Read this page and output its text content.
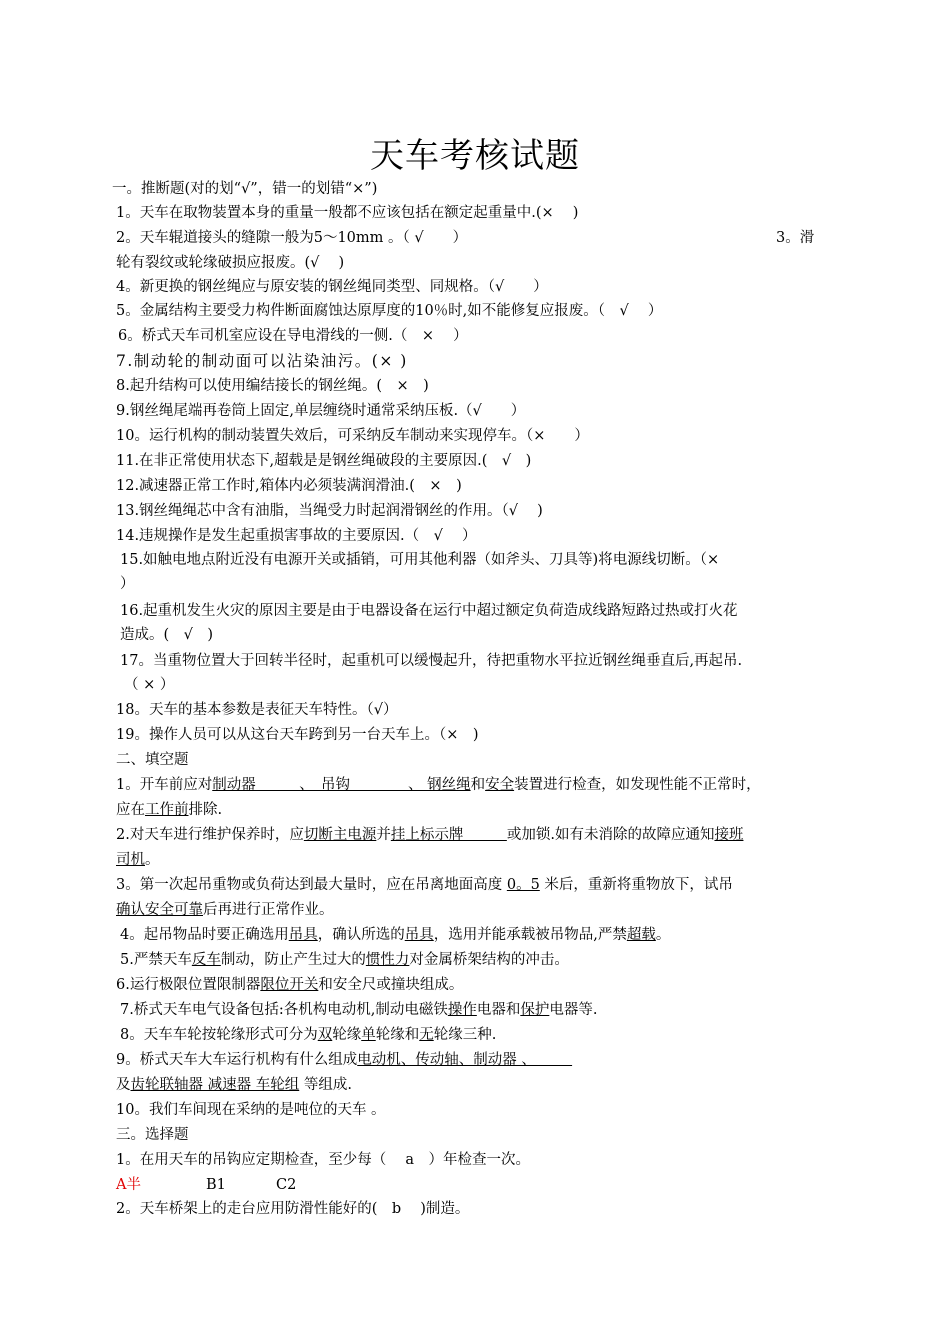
天车考核试题
一。推断题(对的划“√”，错一的划错“×”)
1。天车在取物装置本身的重量一般都不应该包括在额定起重量中.(×　 )
2。天车辊道接头的缝隙一般为5～10mm 。（ √　　）	3。滑
轮有裂纹或轮缘破损应报废。(√　 )
4。新更换的钢丝绳应与原安装的钢丝绳同类型、同规格。（√　　）
5。金属结构主要受力构件断面腐蚀达原厚度的10％时,如不能修复应报废。（　√　 ）
6。桥式天车司机室应设在导电滑线的一侧.（　×　 ）
7.制动轮的制动面可以沾染油污。(× )
8.起升结构可以使用编结接长的钢丝绳。(　×　)
9.钢丝绳尾端再卷筒上固定,单层缠绕时通常采纳压板.（√　　）
10。运行机构的制动装置失效后，可采纳反车制动来实现停车。（×　　）
11.在非正常使用状态下,超载是是钢丝绳破段的主要原因.(　√　)
12.减速器正常工作时,箱体内必须装满润滑油.(　×　)
13.钢丝绳绳芯中含有油脂，当绳受力时起润滑钢丝的作用。（√　 )
14.违规操作是发生起重损害事故的主要原因.（　√　 ）
15.如触电地点附近没有电源开关或插销，可用其他利器（如斧头、刀具等)将电源线切断。（×
）
16.起重机发生火灾的原因主要是由于电器设备在运行中超过额定负荷造成线路短路过热或打火花
造成。(　√　)
17。当重物位置大于回转半径时，起重机可以缓慢起升，待把重物水平拉近钢丝绳垂直后,再起吊.
（ × ）
18。天车的基本参数是表征天车特性。（√）
19。操作人员可以从这台天车跨到另一台天车上。（×　)
二、填空题
1。开车前应对制动器　　　、　吊钩　　　　、 钢丝绳和安全装置进行检查，如发现性能不正常时，
应在工作前排除.
2.对天车进行维护保养时，应切断主电源并挂上标示牌　　　或加锁.如有未消除的故障应通知接班
司机。
3。第一次起吊重物或负荷达到最大量时，应在吊离地面高度 0。5 米后，重新将重物放下，试吊
确认安全可靠后再进行正常作业。
4。起吊物品时要正确选用吊具，确认所选的吊具，选用并能承载被吊物品,严禁超载。
5.严禁天车反车制动，防止产生过大的惯性力对金属桥架结构的冲击。
6.运行极限位置限制器限位开关和安全尺或撞块组成。
7.桥式天车电气设备包括:各机构电动机,制动电磁铁操作电器和保护电器等.
8。天车车轮按轮缘形式可分为双轮缘单轮缘和无轮缘三种.
9。桥式天车大车运行机构有什么组成电动机、传动轴、制动器 、　　　
及齿轮联轴器 减速器 车轮组 等组成.
10。我们车间现在采纳的是吨位的天车 。
三。选择题
1。在用天车的吊钩应定期检查，至少每（　 a　）年检查一次。
A半	B1	C2
2。天车桥架上的走台应用防滑性能好的(　b　 )制造。
